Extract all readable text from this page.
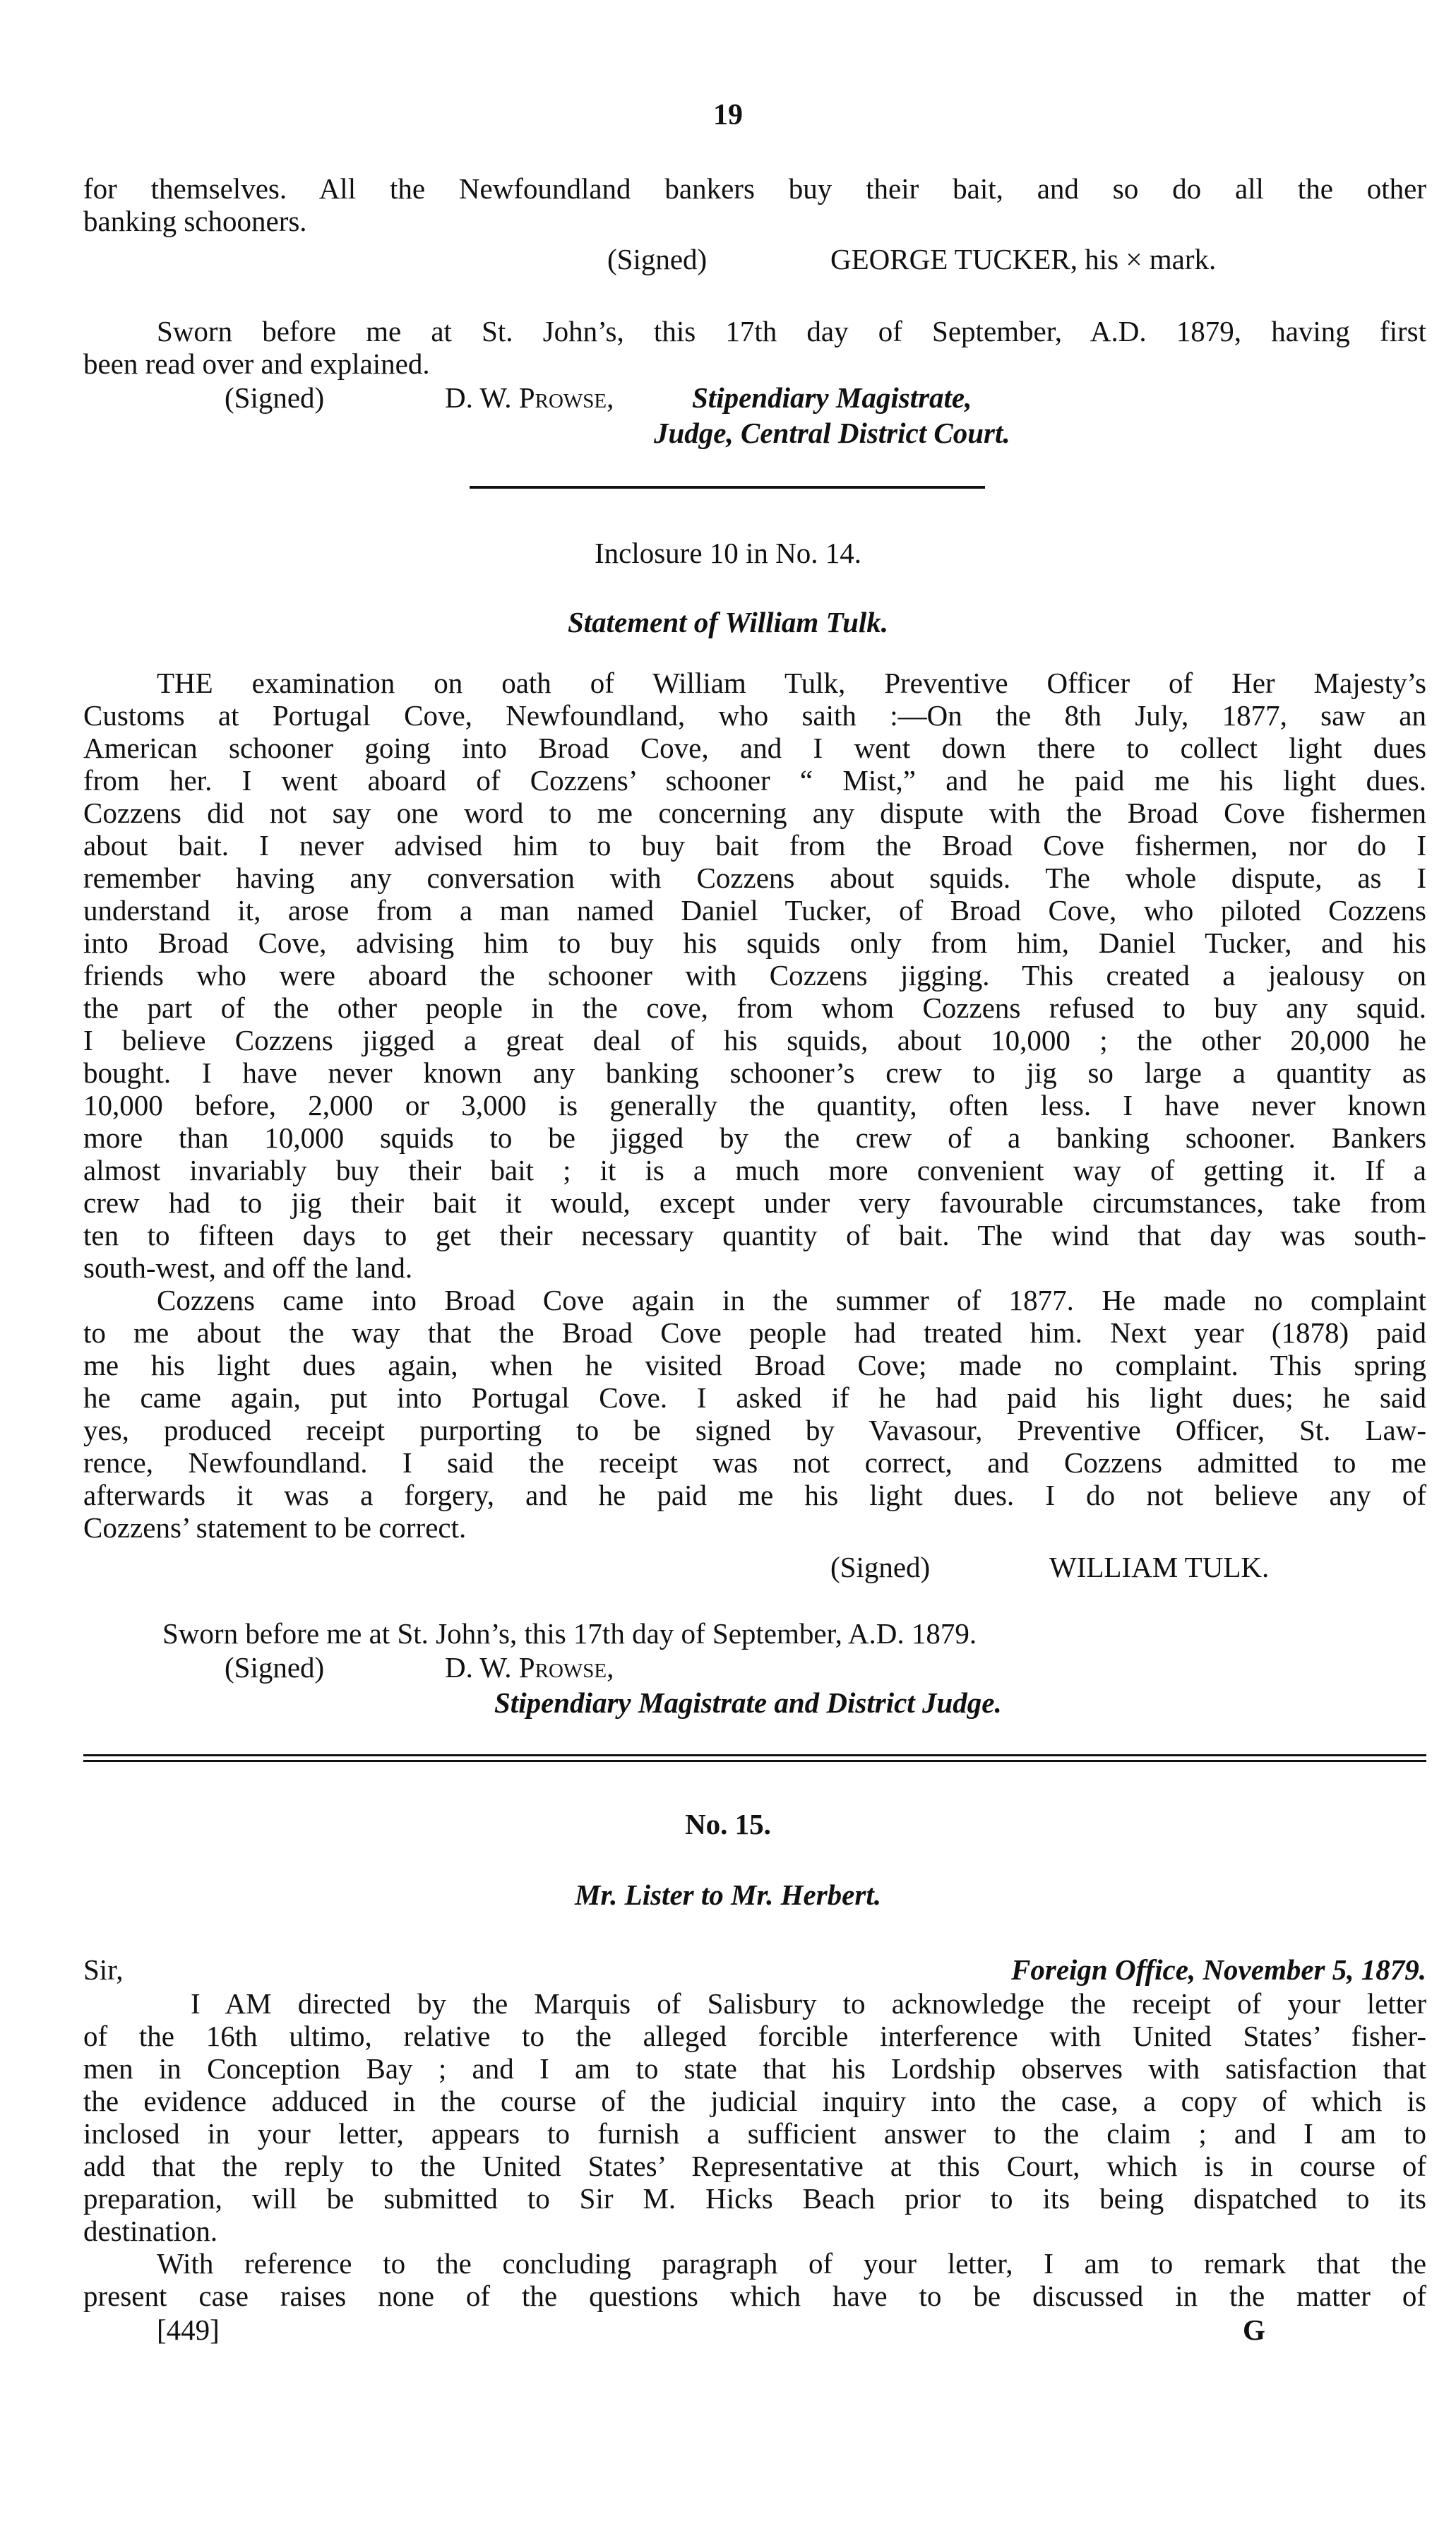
19
for themselves. All the Newfoundland bankers buy their bait, and so do all the other
banking schooners.
(Signed)	GEORGE TUCKER, his × mark.
Sworn before me at St. John’s, this 17th day of September, A.D. 1879, having first
been read over and explained.
(Signed)	D. W. Prowse,	Stipendiary Magistrate,
Judge, Central District Court.
Inclosure 10 in No. 14.
Statement of William Tulk.
THE examination on oath of William Tulk, Preventive Officer of Her Majesty’s
Customs at Portugal Cove, Newfoundland, who saith :—On the 8th July, 1877, saw an
American schooner going into Broad Cove, and I went down there to collect light dues
from her. I went aboard of Cozzens’ schooner “ Mist,” and he paid me his light dues.
Cozzens did not say one word to me concerning any dispute with the Broad Cove fishermen
about bait. I never advised him to buy bait from the Broad Cove fishermen, nor do I
remember having any conversation with Cozzens about squids. The whole dispute, as I
understand it, arose from a man named Daniel Tucker, of Broad Cove, who piloted Cozzens
into Broad Cove, advising him to buy his squids only from him, Daniel Tucker, and his
friends who were aboard the schooner with Cozzens jigging. This created a jealousy on
the part of the other people in the cove, from whom Cozzens refused to buy any squid.
I believe Cozzens jigged a great deal of his squids, about 10,000 ; the other 20,000 he
bought. I have never known any banking schooner’s crew to jig so large a quantity as
10,000 before, 2,000 or 3,000 is generally the quantity, often less. I have never known
more than 10,000 squids to be jigged by the crew of a banking schooner. Bankers
almost invariably buy their bait ; it is a much more convenient way of getting it. If a
crew had to jig their bait it would, except under very favourable circumstances, take from
ten to fifteen days to get their necessary quantity of bait. The wind that day was south-
south-west, and off the land.
Cozzens came into Broad Cove again in the summer of 1877. He made no complaint
to me about the way that the Broad Cove people had treated him. Next year (1878) paid
me his light dues again, when he visited Broad Cove; made no complaint. This spring
he came again, put into Portugal Cove. I asked if he had paid his light dues; he said
yes, produced receipt purporting to be signed by Vavasour, Preventive Officer, St. Law-
rence, Newfoundland. I said the receipt was not correct, and Cozzens admitted to me
afterwards it was a forgery, and he paid me his light dues. I do not believe any of
Cozzens’ statement to be correct.
(Signed)	WILLIAM TULK.
Sworn before me at St. John’s, this 17th day of September, A.D. 1879.
(Signed)	D. W. Prowse,
Stipendiary Magistrate and District Judge.
No. 15.
Mr. Lister to Mr. Herbert.
Sir,	Foreign Office, November 5, 1879.
I AM directed by the Marquis of Salisbury to acknowledge the receipt of your letter
of the 16th ultimo, relative to the alleged forcible interference with United States’ fisher-
men in Conception Bay ; and I am to state that his Lordship observes with satisfaction that
the evidence adduced in the course of the judicial inquiry into the case, a copy of which is
inclosed in your letter, appears to furnish a sufficient answer to the claim ; and I am to
add that the reply to the United States’ Representative at this Court, which is in course of
preparation, will be submitted to Sir M. Hicks Beach prior to its being dispatched to its
destination.
With reference to the concluding paragraph of your letter, I am to remark that the
present case raises none of the questions which have to be discussed in the matter of
[449]	G
